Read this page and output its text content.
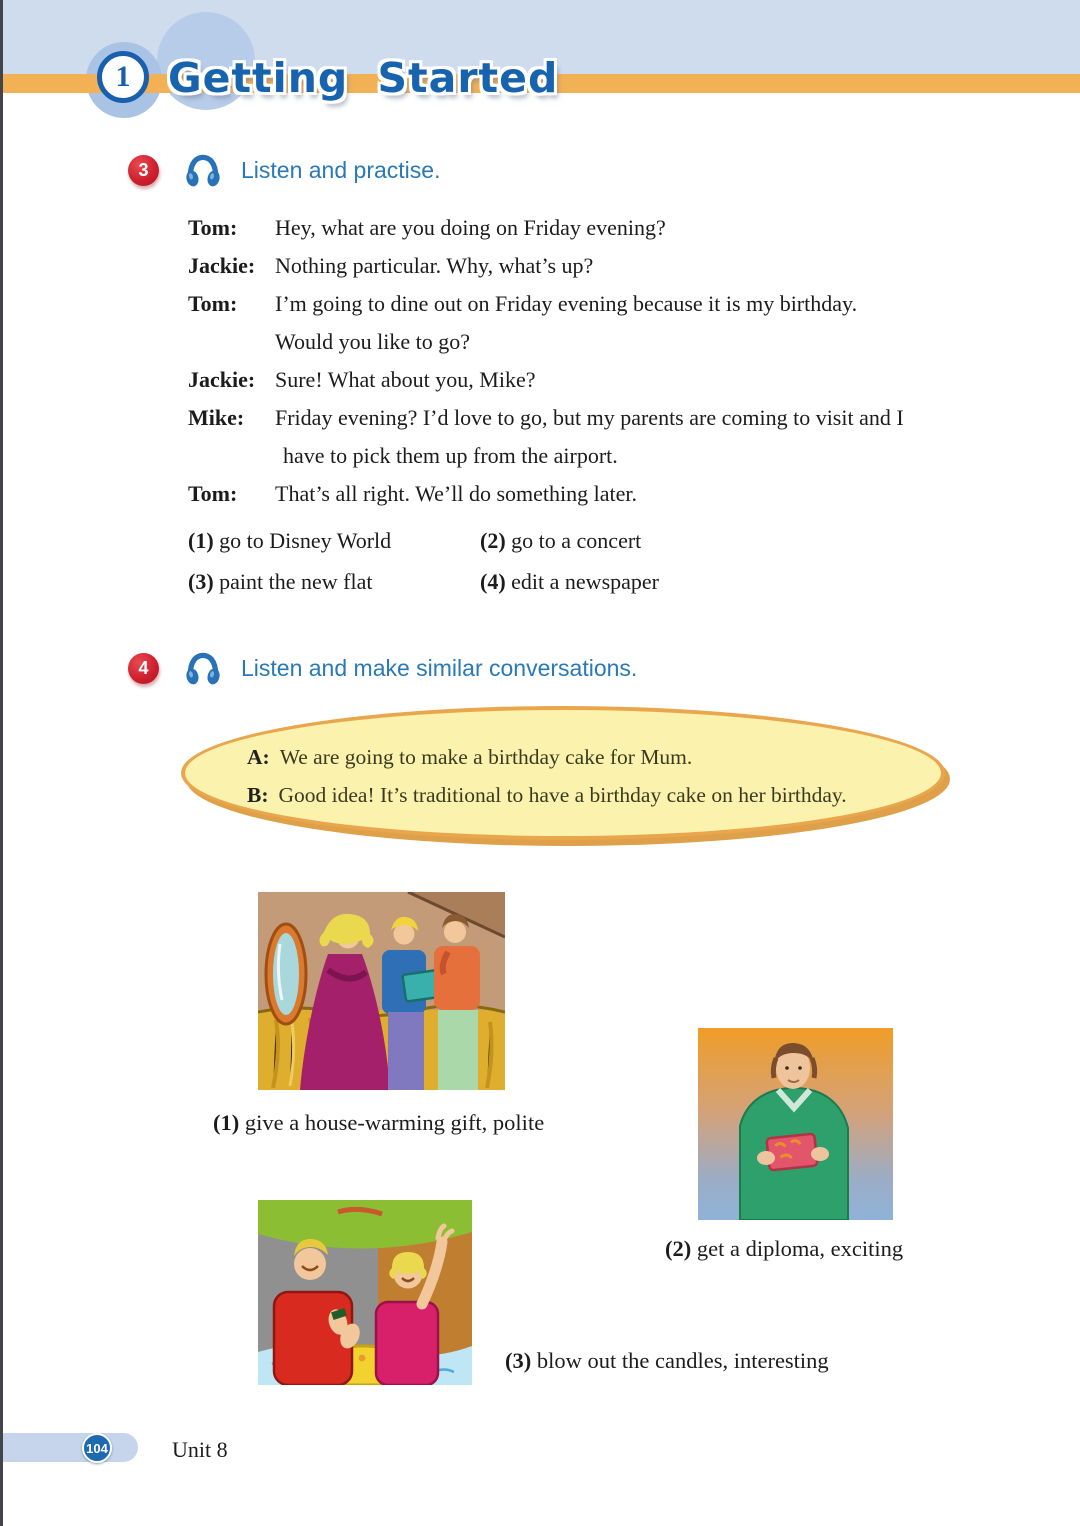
1 Getting Started
3	Listen and practise.
Tom:	Hey, what are you doing on Friday evening?
Jackie: Nothing particular. Why, what’s up?
Tom:	I’m going to dine out on Friday evening because it is my birthday.
Would you like to go?
Jackie: Sure! What about you, Mike?
Mike:	Friday evening? I’d love to go, but my parents are coming to visit and I
have to pick them up from the airport.
Tom:	That’s all right. We’ll do something later.
(1) go to Disney World	(2) go to a concert
(3) paint the new flat	(4) edit a newspaper
4	Listen and make similar conversations.
A: We are going to make a birthday cake for Mum.
B: Good idea! It’s traditional to have a birthday cake on her birthday.
(1) give a house-warming gift, polite
(2) get a diploma, exciting
(3) blow out the candles, interesting
104	Unit 8
